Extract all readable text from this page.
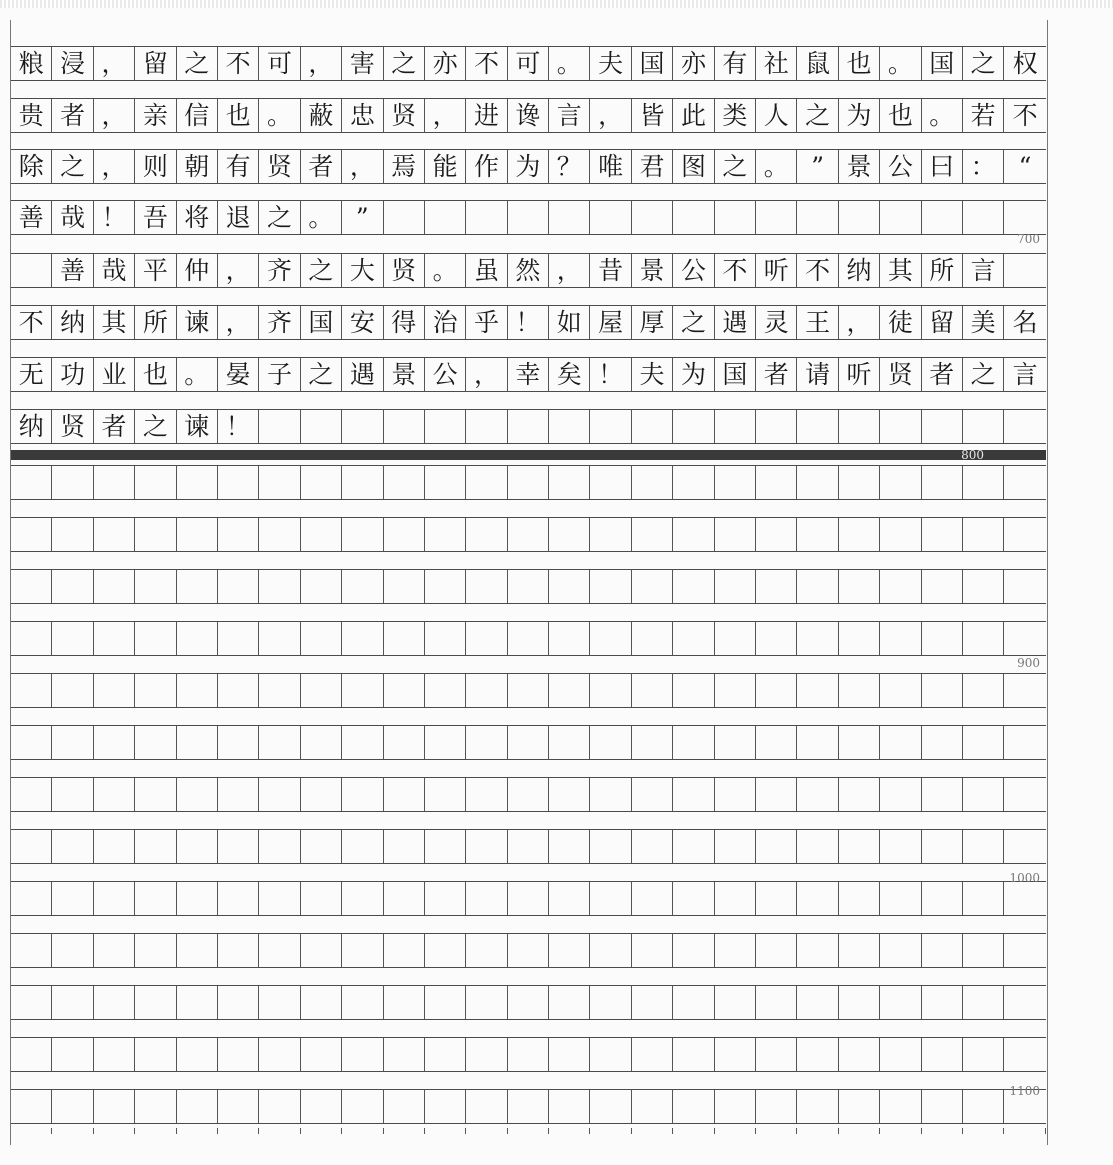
粮 浸 ， 留 之 不 可 ， 害 之 亦 不 可 。 夫 国 亦 有 社 鼠 也 。 国 之 权
贵 者 ， 亲 信 也 。 蔽 忠 贤 ， 进 谗 言 ， 皆 此 类 人 之 为 也 。 若 不
除 之 ， 则 朝 有 贤 者 ， 焉 能 作 为 ？ 唯 君 图 之 。 ” 景 公 曰 ： “
善 哉 ！ 吾 将 退 之 。 ”
善 哉 平 仲 ， 齐 之 大 贤 。 虽 然 ， 昔 景 公 不 听 不 纳 其 所 言
不 纳 其 所 谏 ， 齐 国 安 得 治 乎 ！ 如 屋 厚 之 遇 灵 王 ， 徒 留 美 名
无 功 业 也 。 晏 子 之 遇 景 公 ， 幸 矣 ！ 夫 为 国 者 请 听 贤 者 之 言
纳 贤 者 之 谏 ！
700
800
900
1000
1100
